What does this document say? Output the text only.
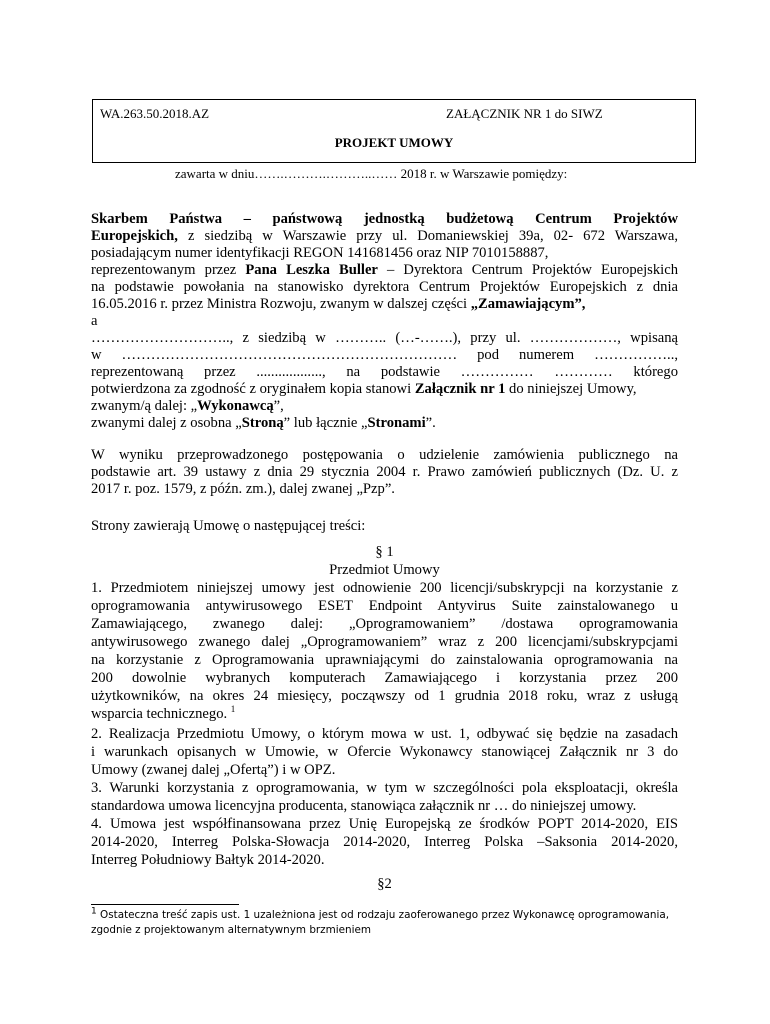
WA.263.50.2018.AZ	ZAŁĄCZNIK NR 1 do SIWZ
PROJEKT UMOWY
zawarta w dniu…….……….………..…… 2018 r. w Warszawie pomiędzy:
Skarbem Państwa – państwową jednostką budżetową Centrum Projektów
Europejskich, z siedzibą w Warszawie przy ul. Domaniewskiej 39a, 02- 672 Warszawa,
posiadającym numer identyfikacji REGON 141681456 oraz NIP 7010158887,
reprezentowanym przez Pana Leszka Buller – Dyrektora Centrum Projektów Europejskich
na podstawie powołania na stanowisko dyrektora Centrum Projektów Europejskich z dnia
16.05.2016 r. przez Ministra Rozwoju, zwanym w dalszej części „Zamawiającym”,
a
……………………….., z siedzibą w ……….. (…-…….), przy ul. ………………, wpisaną
w …………………………………………………………… pod numerem ……………..,
reprezentowaną przez .................., na podstawie …………… ………… którego
potwierdzona za zgodność z oryginałem kopia stanowi Załącznik nr 1 do niniejszej Umowy,
zwanym/ą dalej: „Wykonawcą”,
zwanymi dalej z osobna „Stroną” lub łącznie „Stronami”.
W wyniku przeprowadzonego postępowania o udzielenie zamówienia publicznego na
podstawie art. 39 ustawy z dnia 29 stycznia 2004 r. Prawo zamówień publicznych (Dz. U. z
2017 r. poz. 1579, z późn. zm.), dalej zwanej „Pzp”.
Strony zawierają Umowę o następującej treści:
§ 1
Przedmiot Umowy
1. Przedmiotem niniejszej umowy jest odnowienie 200 licencji/subskrypcji na korzystanie z
oprogramowania antywirusowego ESET Endpoint Antyvirus Suite zainstalowanego u
Zamawiającego, zwanego dalej: „Oprogramowaniem” /dostawa oprogramowania
antywirusowego zwanego dalej „Oprogramowaniem” wraz z 200 licencjami/subskrypcjami
na korzystanie z Oprogramowania uprawniającymi do zainstalowania oprogramowania na
200 dowolnie wybranych komputerach Zamawiającego i korzystania przez 200
użytkowników, na okres 24 miesięcy, począwszy od 1 grudnia 2018 roku, wraz z usługą
wsparcia technicznego. $^1$
2. Realizacja Przedmiotu Umowy, o którym mowa w ust. 1, odbywać się będzie na zasadach
i warunkach opisanych w Umowie, w Ofercie Wykonawcy stanowiącej Załącznik nr 3 do
Umowy (zwanej dalej „Ofertą”) i w OPZ.
3. Warunki korzystania z oprogramowania, w tym w szczególności pola eksploatacji, określa
standardowa umowa licencyjna producenta, stanowiąca załącznik nr … do niniejszej umowy.
4. Umowa jest współfinansowana przez Unię Europejską ze środków POPT 2014-2020, EIS
2014-2020, Interreg Polska-Słowacja 2014-2020, Interreg Polska –Saksonia 2014-2020,
Interreg Południowy Bałtyk 2014-2020.
§2
$^1$ Ostateczna treść zapis ust. 1 uzależniona jest od rodzaju zaoferowanego przez Wykonawcę oprogramowania,
zgodnie z projektowanym alternatywnym brzmieniem
